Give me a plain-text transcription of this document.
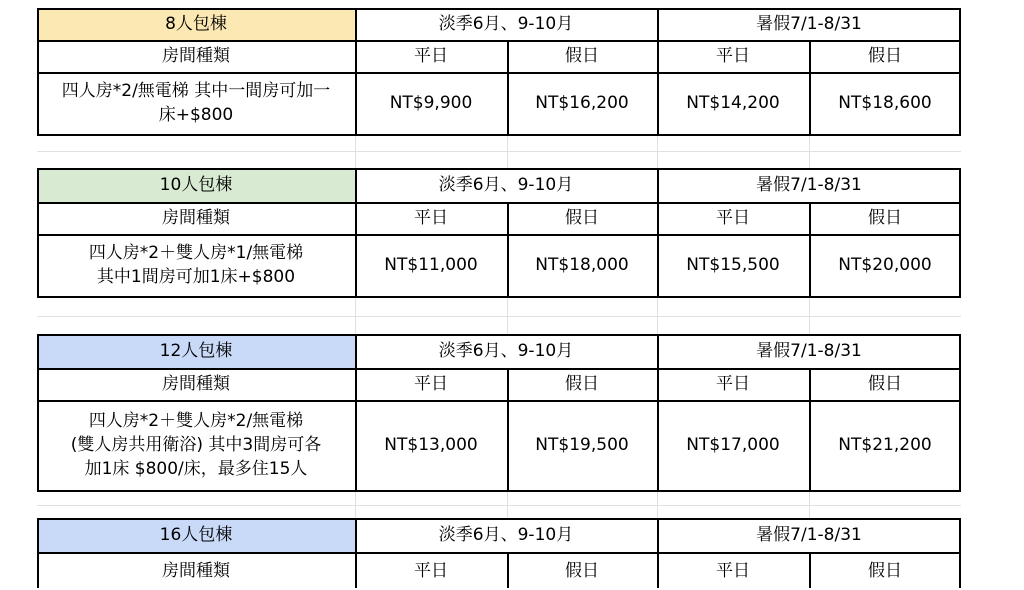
8人包棟	淡季6月、9-10月	暑假7/1-8/31
房間種類	平日	假日	平日	假日
四人房*2/無電梯 其中一間房可加一
床+$800
NT$9,900	NT$16,200	NT$14,200	NT$18,600
10人包棟	淡季6月、9-10月	暑假7/1-8/31
房間種類	平日	假日	平日	假日
四人房*2＋雙人房*1/無電梯
其中1間房可加1床+$800
NT$11,000	NT$18,000	NT$15,500	NT$20,000
12人包棟	淡季6月、9-10月	暑假7/1-8/31
房間種類	平日	假日	平日	假日
四人房*2＋雙人房*2/無電梯
(雙人房共用衛浴) 其中3間房可各
加1床 $800/床，最多住15人
NT$13,000	NT$19,500	NT$17,000	NT$21,200
16人包棟	淡季6月、9-10月	暑假7/1-8/31
房間種類	平日	假日	平日	假日
